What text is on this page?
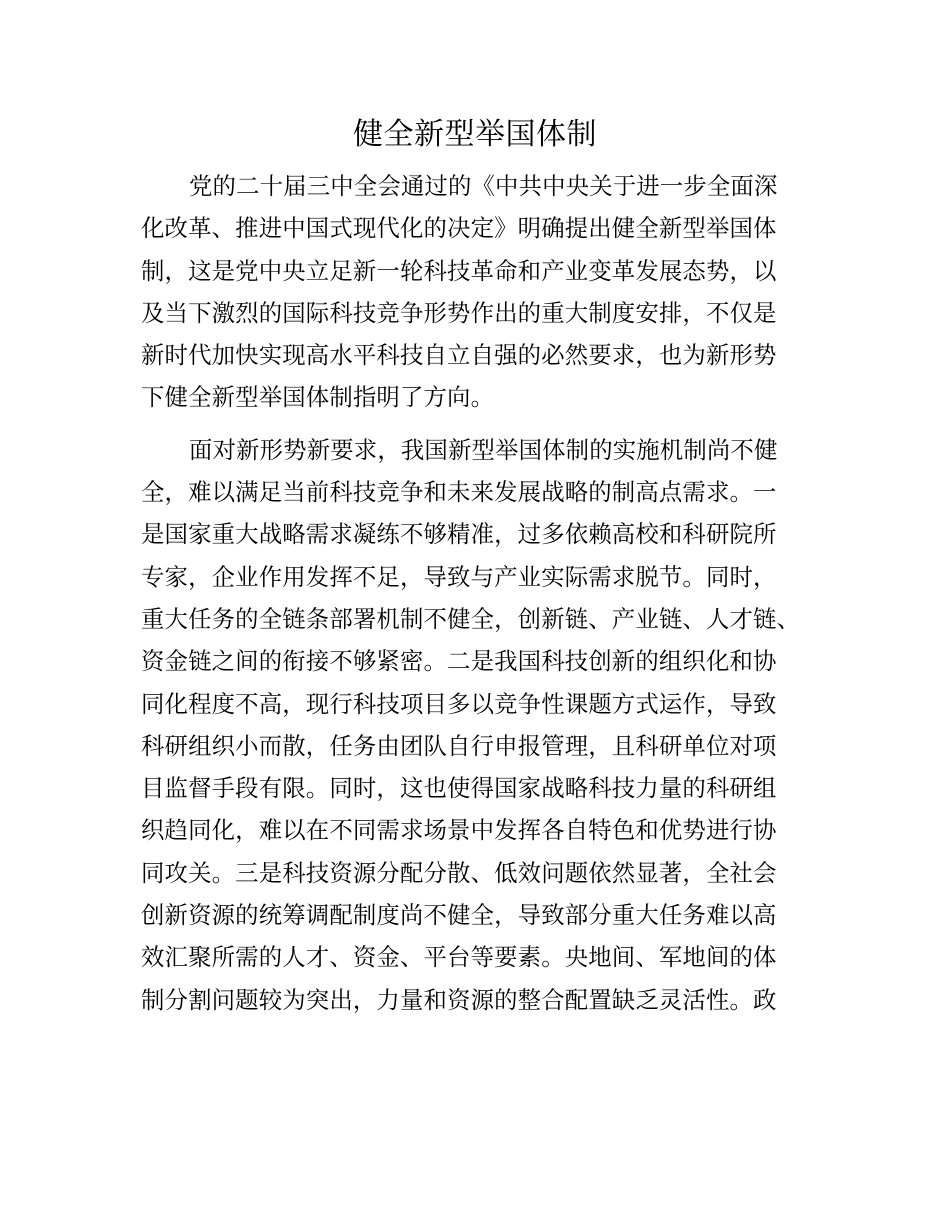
健全新型举国体制
党的二十届三中全会通过的《中共中央关于进一步全面深
化改革、推进中国式现代化的决定》明确提出健全新型举国体
制，这是党中央立足新一轮科技革命和产业变革发展态势，以
及当下激烈的国际科技竞争形势作出的重大制度安排，不仅是
新时代加快实现高水平科技自立自强的必然要求，也为新形势
下健全新型举国体制指明了方向。
面对新形势新要求，我国新型举国体制的实施机制尚不健
全，难以满足当前科技竞争和未来发展战略的制高点需求。一
是国家重大战略需求凝练不够精准，过多依赖高校和科研院所
专家，企业作用发挥不足，导致与产业实际需求脱节。同时，
重大任务的全链条部署机制不健全，创新链、产业链、人才链、
资金链之间的衔接不够紧密。二是我国科技创新的组织化和协
同化程度不高，现行科技项目多以竞争性课题方式运作，导致
科研组织小而散，任务由团队自行申报管理，且科研单位对项
目监督手段有限。同时，这也使得国家战略科技力量的科研组
织趋同化，难以在不同需求场景中发挥各自特色和优势进行协
同攻关。三是科技资源分配分散、低效问题依然显著，全社会
创新资源的统筹调配制度尚不健全，导致部分重大任务难以高
效汇聚所需的人才、资金、平台等要素。央地间、军地间的体
制分割问题较为突出，力量和资源的整合配置缺乏灵活性。政
